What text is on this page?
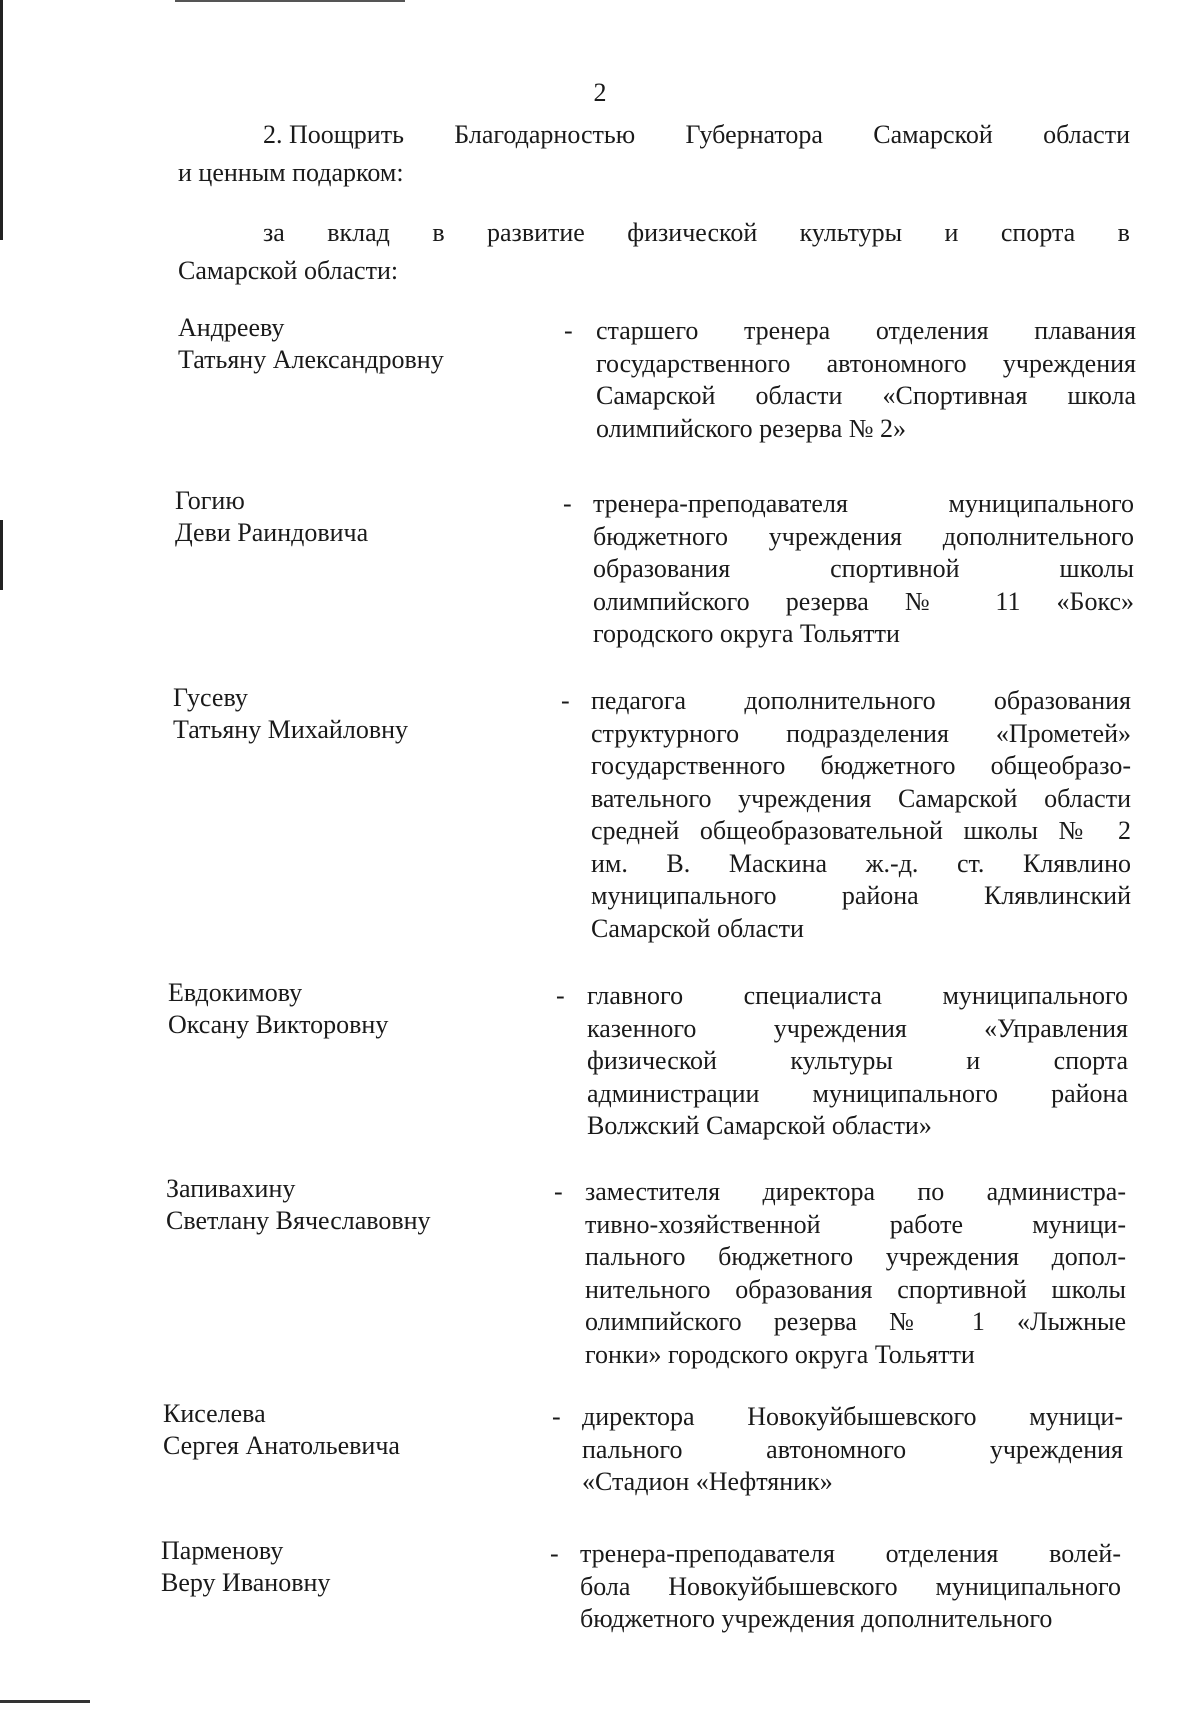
2
2. Поощрить Благодарностью Губернатора Самарской области
и ценным подарком:
за вклад в развитие физической культуры и спорта в
Самарской области:
Андрееву
Татьяну Александровну
- старшего тренера отделения плавания
государственного автономного учреждения
Самарской области «Спортивная школа
олимпийского резерва № 2»
Гогию
Деви Раиндовича
- тренера-преподавателя муниципального
бюджетного учреждения дополнительного
образования спортивной школы
олимпийского резерва № 11 «Бокс»
городского округа Тольятти
Гусеву
Татьяну Михайловну
- педагога дополнительного образования
структурного подразделения «Прометей»
государственного бюджетного общеобразо-
вательного учреждения Самарской области
средней общеобразовательной школы № 2
им. В. Маскина ж.-д. ст. Клявлино
муниципального района Клявлинский
Самарской области
Евдокимову
Оксану Викторовну
- главного специалиста муниципального
казенного учреждения «Управления
физической культуры и спорта
администрации муниципального района
Волжский Самарской области»
Запивахину
Светлану Вячеславовну
- заместителя директора по администра-
тивно-хозяйственной работе муници-
пального бюджетного учреждения допол-
нительного образования спортивной школы
олимпийского резерва № 1 «Лыжные
гонки» городского округа Тольятти
Киселева
Сергея Анатольевича
- директора Новокуйбышевского муници-
пального автономного учреждения
«Стадион «Нефтяник»
Парменову
Веру Ивановну
- тренера-преподавателя отделения волей-
бола Новокуйбышевского муниципального
бюджетного учреждения дополнительного
